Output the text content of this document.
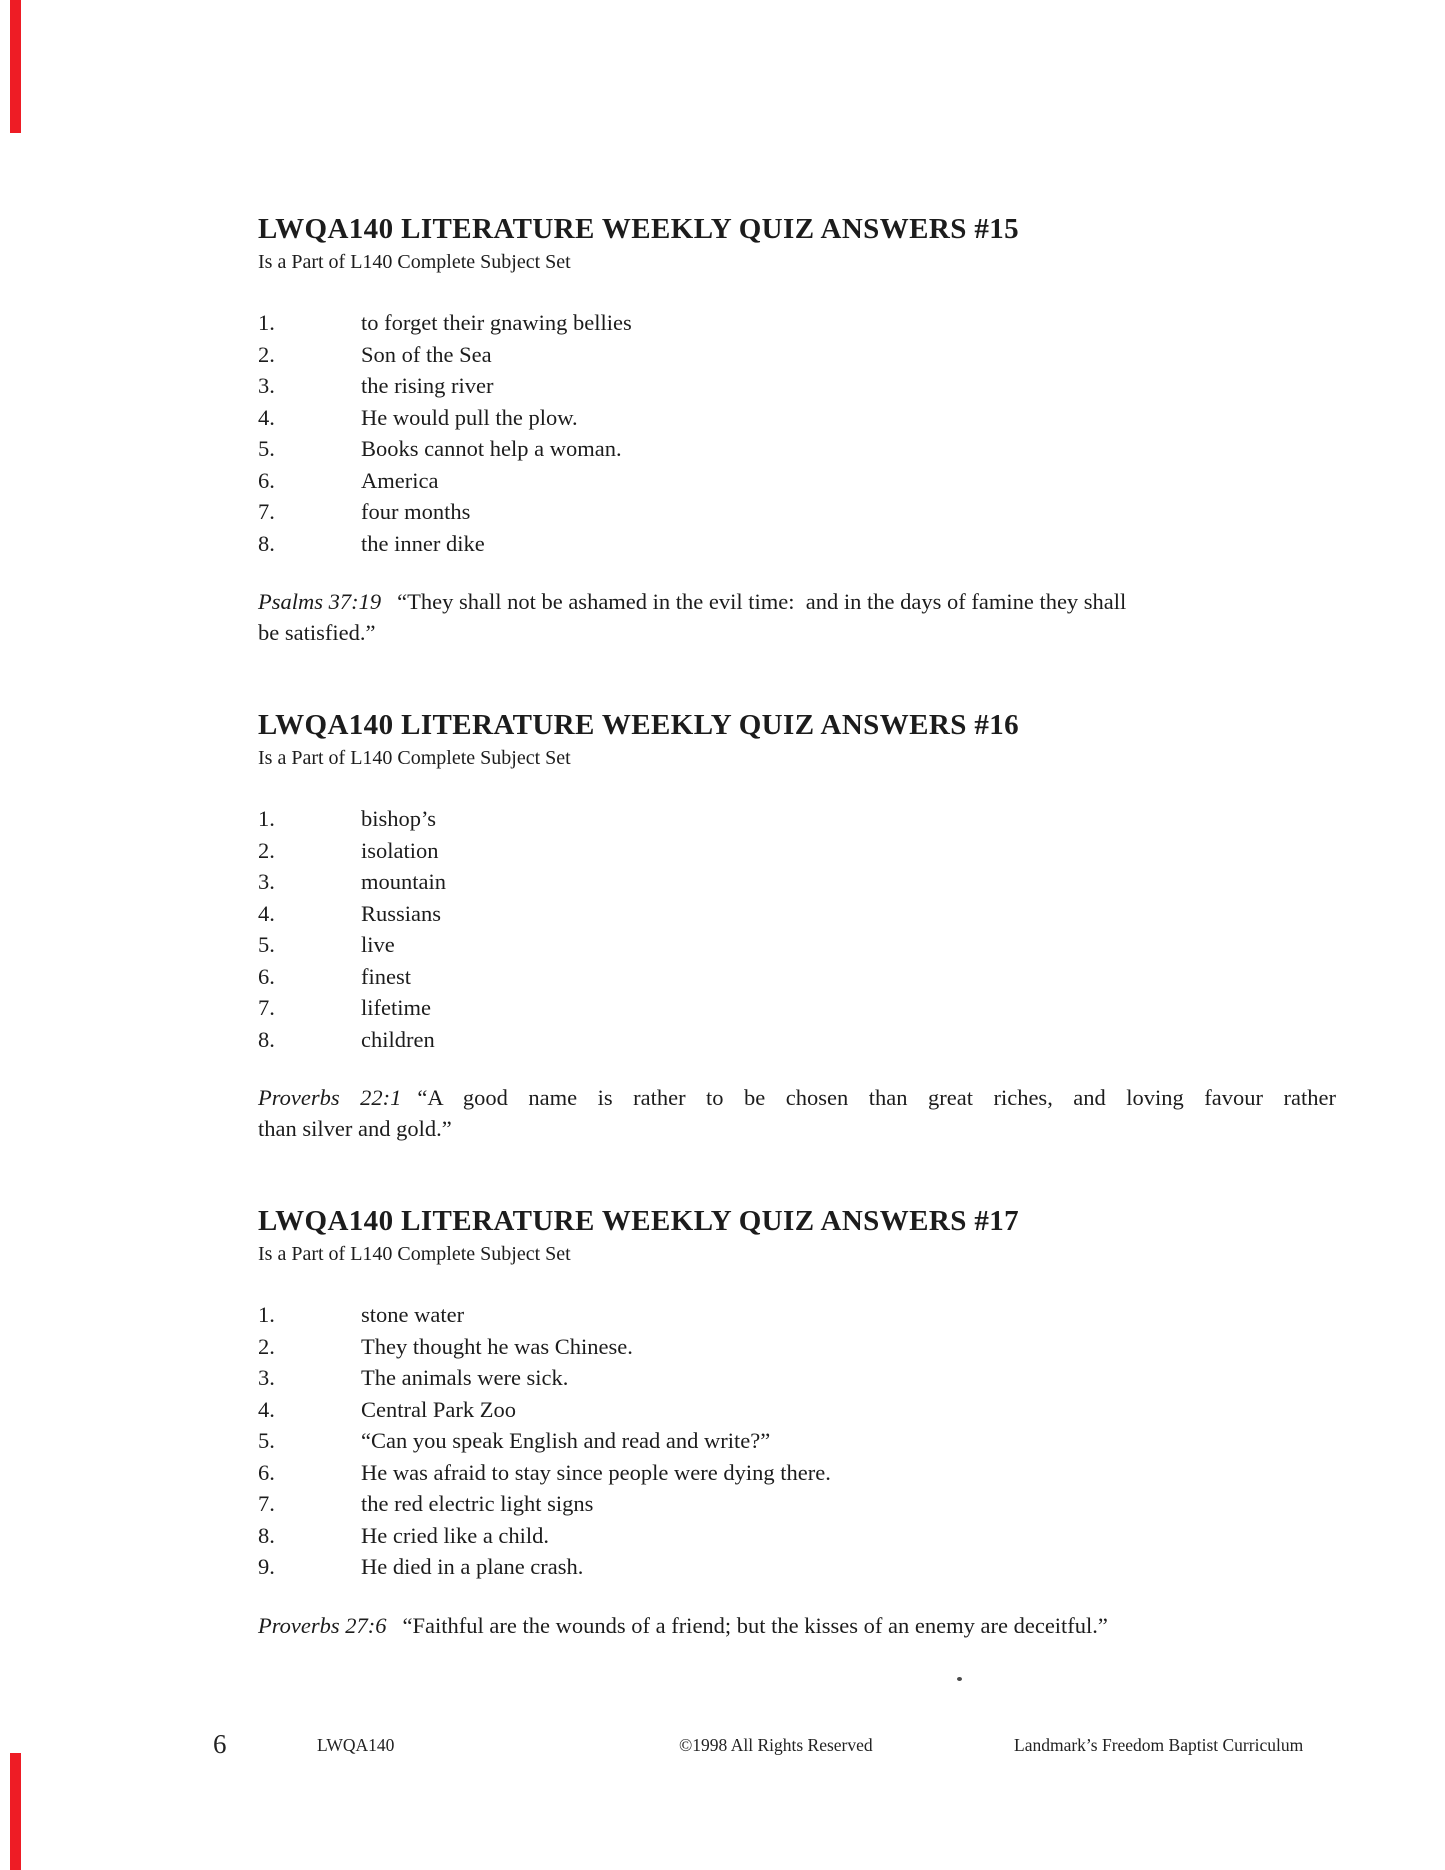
LWQA140 LITERATURE WEEKLY QUIZ ANSWERS #15
Is a Part of L140 Complete Subject Set
1.	to forget their gnawing bellies
2.	Son of the Sea
3.	the rising river
4.	He would pull the plow.
5.	Books cannot help a woman.
6.	America
7.	four months
8.	the inner dike
Psalms 37:19 “They shall not be ashamed in the evil time:  and in the days of famine they shall
be satisfied.”
LWQA140 LITERATURE WEEKLY QUIZ ANSWERS #16
Is a Part of L140 Complete Subject Set
1.	bishop’s
2.	isolation
3.	mountain
4.	Russians
5.	live
6.	finest
7.	lifetime
8.	children
Proverbs 22:1 “A good name is rather to be chosen than great riches, and loving favour rather
than silver and gold.”
LWQA140 LITERATURE WEEKLY QUIZ ANSWERS #17
Is a Part of L140 Complete Subject Set
1.	stone water
2.	They thought he was Chinese.
3.	The animals were sick.
4.	Central Park Zoo
5.	“Can you speak English and read and write?”
6.	He was afraid to stay since people were dying there.
7.	the red electric light signs
8.	He cried like a child.
9.	He died in a plane crash.
Proverbs 27:6 “Faithful are the wounds of a friend; but the kisses of an enemy are deceitful.”
6	LWQA140	©1998 All Rights Reserved	Landmark’s Freedom Baptist Curriculum
